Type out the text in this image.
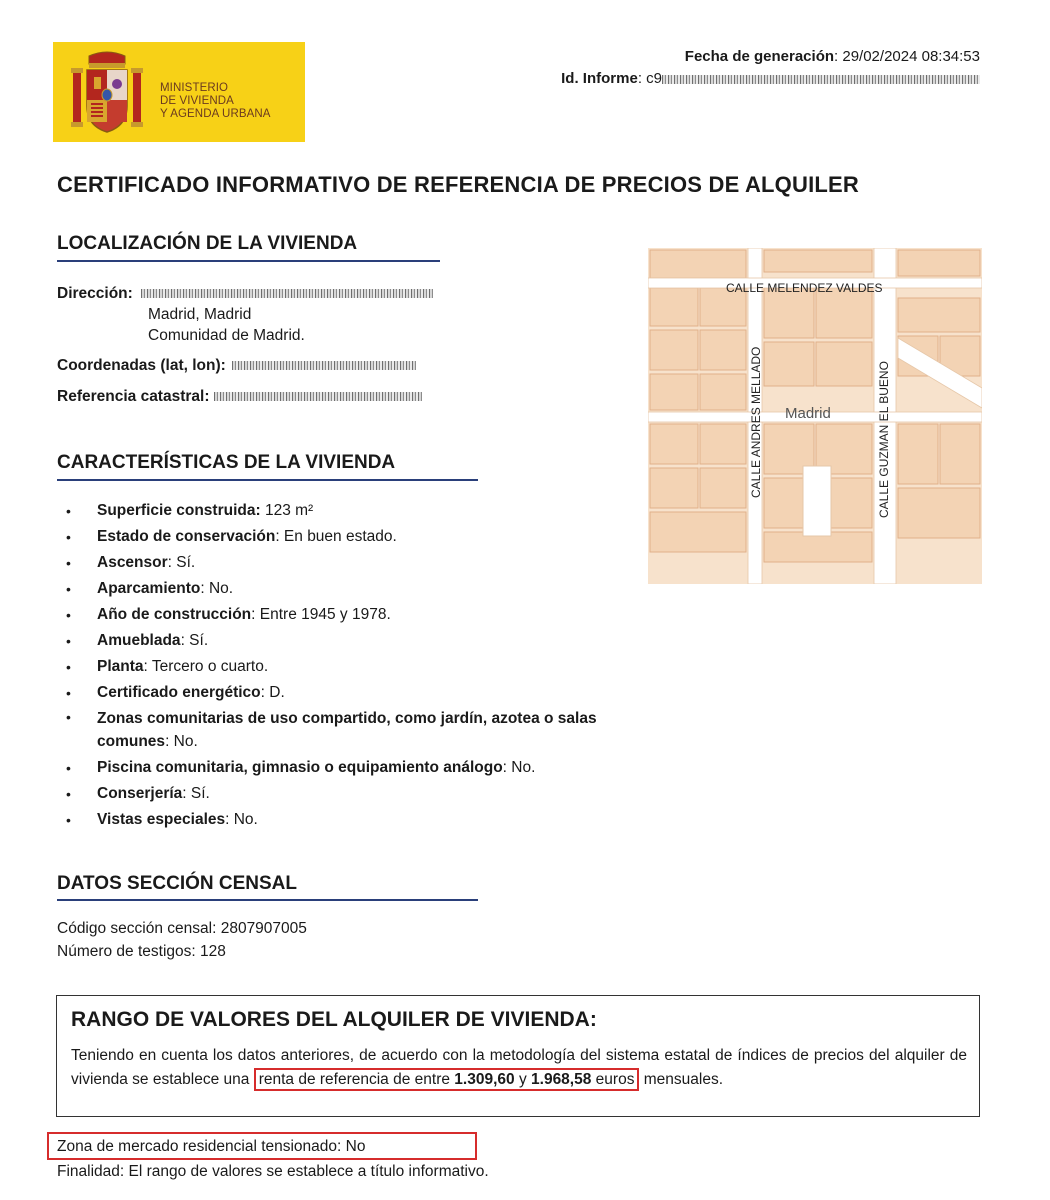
MINISTERIO
DE VIVIENDA
Y AGENDA URBANA
Fecha de generación: 29/02/2024 08:34:53
Id. Informe: c9
CERTIFICADO INFORMATIVO DE REFERENCIA DE PRECIOS DE ALQUILER
LOCALIZACIÓN DE LA VIVIENDA
Dirección:
Madrid, Madrid
Comunidad de Madrid.
Coordenadas (lat, lon):
Referencia catastral:
CALLE MELENDEZ VALDES
CALLE ANDRES MELLADO	CALLE GUZMAN EL BUENO
Madrid
CARACTERÍSTICAS DE LA VIVIENDA
• Superficie construida: 123 m²
• Estado de conservación: En buen estado.
• Ascensor: Sí.
• Aparcamiento: No.
• Año de construcción: Entre 1945 y 1978.
• Amueblada: Sí.
• Planta: Tercero o cuarto.
• Certificado energético: D.
• Zonas comunitarias de uso compartido, como jardín, azotea o salas comunes: No.
• Piscina comunitaria, gimnasio o equipamiento análogo: No.
• Conserjería: Sí.
• Vistas especiales: No.
DATOS SECCIÓN CENSAL
Código sección censal: 2807907005
Número de testigos: 128
RANGO DE VALORES DEL ALQUILER DE VIVIENDA:
Teniendo en cuenta los datos anteriores, de acuerdo con la metodología del sistema estatal de índices de precios del alquiler de vivienda se establece una renta de referencia de entre 1.309,60 y 1.968,58 euros mensuales.
Zona de mercado residencial tensionado: No
Finalidad: El rango de valores se establece a título informativo.
